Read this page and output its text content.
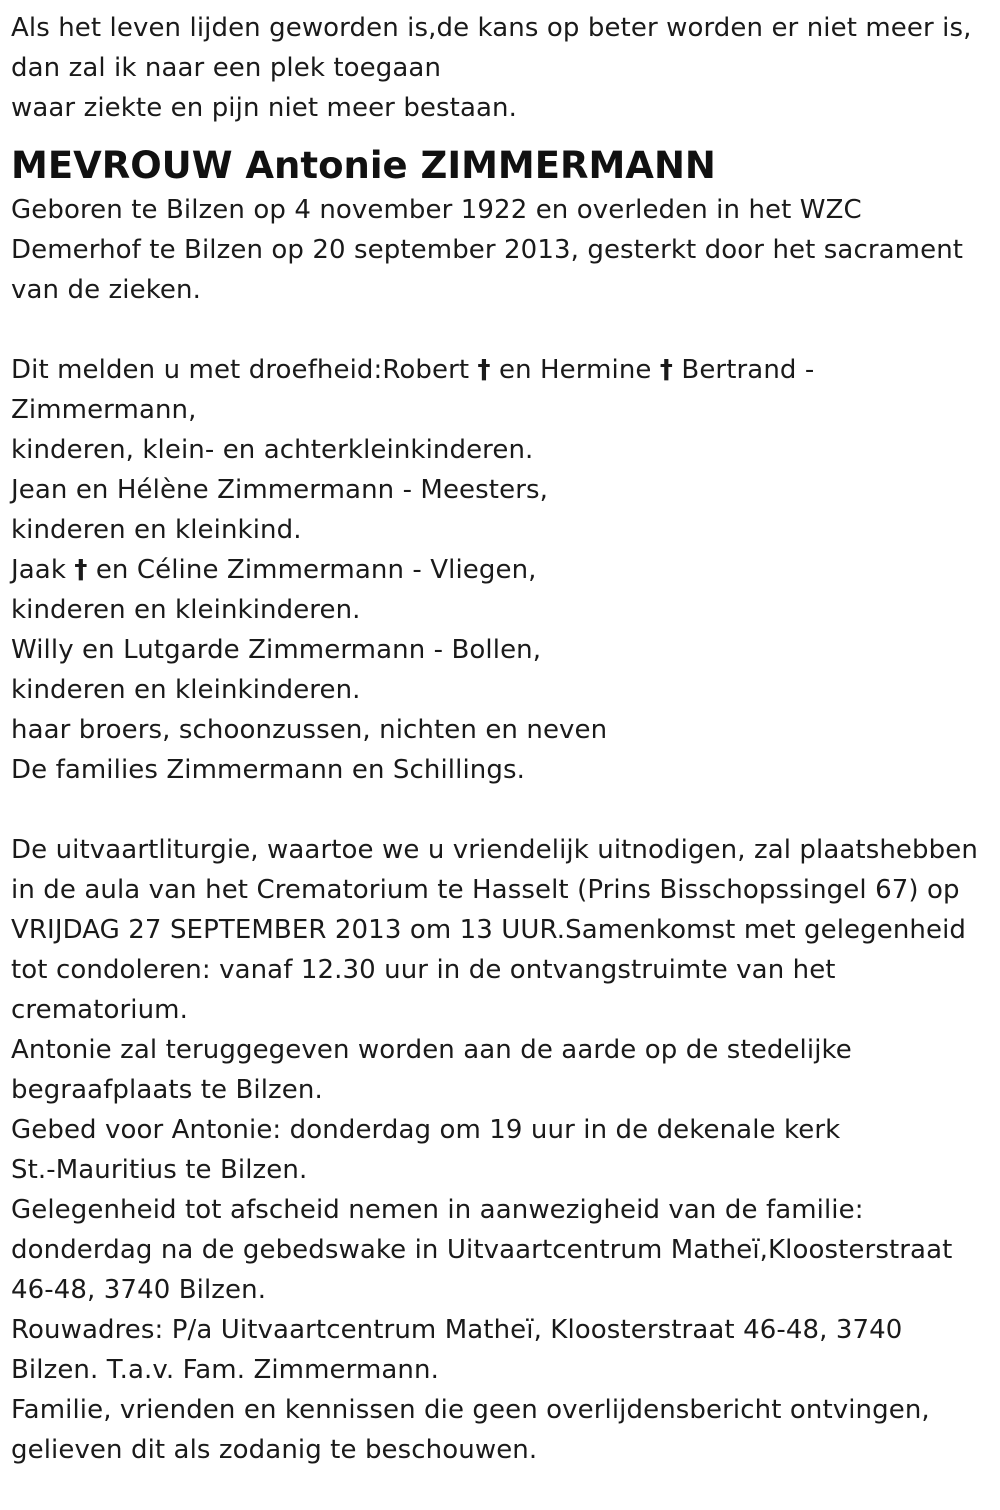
Als het leven lijden geworden is,de kans op beter worden er niet meer is,
dan zal ik naar een plek toegaan
waar ziekte en pijn niet meer bestaan.
MEVROUW Antonie ZIMMERMANN
Geboren te Bilzen op 4 november 1922 en overleden in het WZC
Demerhof te Bilzen op 20 september 2013, gesterkt door het sacrament
van de zieken.
Dit melden u met droefheid:Robert † en Hermine † Bertrand -
Zimmermann,
kinderen, klein- en achterkleinkinderen.
Jean en Hélène Zimmermann - Meesters,
kinderen en kleinkind.
Jaak † en Céline Zimmermann - Vliegen,
kinderen en kleinkinderen.
Willy en Lutgarde Zimmermann - Bollen,
kinderen en kleinkinderen.
haar broers, schoonzussen, nichten en neven
De families Zimmermann en Schillings.
De uitvaartliturgie, waartoe we u vriendelijk uitnodigen, zal plaatshebben
in de aula van het Crematorium te Hasselt (Prins Bisschopssingel 67) op
VRIJDAG 27 SEPTEMBER 2013 om 13 UUR.Samenkomst met gelegenheid
tot condoleren: vanaf 12.30 uur in de ontvangstruimte van het
crematorium.
Antonie zal teruggegeven worden aan de aarde op de stedelijke
begraafplaats te Bilzen.
Gebed voor Antonie: donderdag om 19 uur in de dekenale kerk
St.-Mauritius te Bilzen.
Gelegenheid tot afscheid nemen in aanwezigheid van de familie:
donderdag na de gebedswake in Uitvaartcentrum Matheï,Kloosterstraat
46-48, 3740 Bilzen.
Rouwadres: P/a Uitvaartcentrum Matheï, Kloosterstraat 46-48, 3740
Bilzen. T.a.v. Fam. Zimmermann.
Familie, vrienden en kennissen die geen overlijdensbericht ontvingen,
gelieven dit als zodanig te beschouwen.
